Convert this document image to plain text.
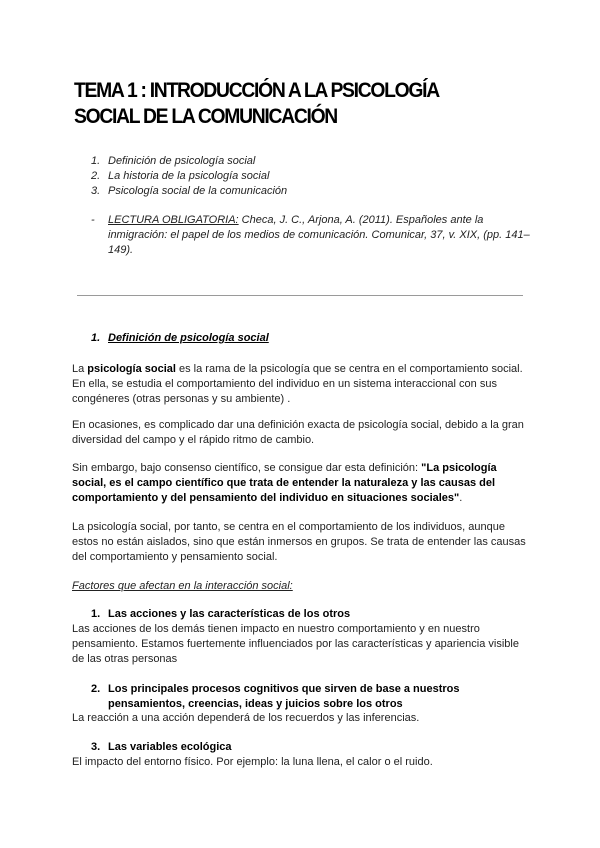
TEMA 1 : INTRODUCCIÓN A LA PSICOLOGÍA SOCIAL DE LA COMUNICACIÓN
1. Definición de psicología social
2. La historia de la psicología social
3. Psicología social de la comunicación
-	LECTURA OBLIGATORIA: Checa, J. C., Arjona, A. (2011). Españoles ante la inmigración: el papel de los medios de comunicación. Comunicar, 37, v. XIX, (pp. 141– 149).
1. Definición de psicología social
La psicología social es la rama de la psicología que se centra en el comportamiento social. En ella, se estudia el comportamiento del individuo en un sistema interaccional con sus congéneres (otras personas y su ambiente) .
En ocasiones, es complicado dar una definición exacta de psicología social, debido a la gran diversidad del campo y el rápido ritmo de cambio.
Sin embargo, bajo consenso científico, se consigue dar esta definición: "La psicología social, es el campo científico que trata de entender la naturaleza y las causas del comportamiento y del pensamiento del individuo en situaciones sociales".
La psicología social, por tanto, se centra en el comportamiento de los individuos, aunque estos no están aislados, sino que están inmersos en grupos. Se trata de entender las causas del comportamiento y pensamiento social.
Factores que afectan en la interacción social:
1. Las acciones y las características de los otros
Las acciones de los demás tienen impacto en nuestro comportamiento y en nuestro pensamiento. Estamos fuertemente influenciados por las características y apariencia visible de las otras personas
2. Los principales procesos cognitivos que sirven de base a nuestros pensamientos, creencias, ideas y juicios sobre los otros
La reacción a una acción dependerá de los recuerdos y las inferencias.
3. Las variables ecológica
El impacto del entorno físico. Por ejemplo: la luna llena, el calor o el ruido.
